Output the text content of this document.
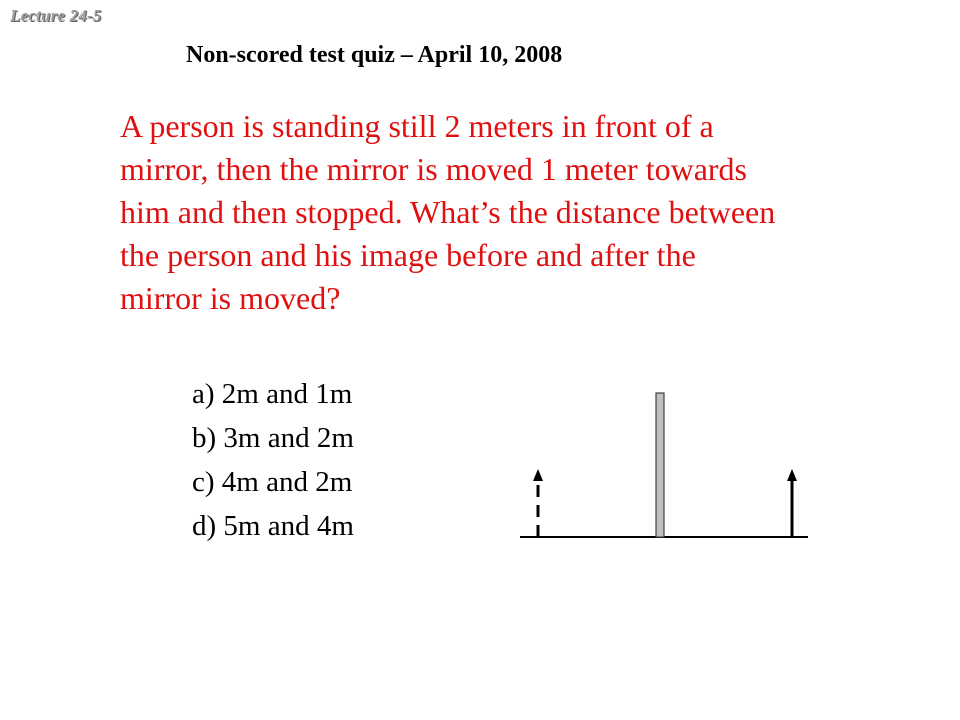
Lecture 24-5
Non-scored test quiz – April 10, 2008

A person is standing still 2 meters in front of a
mirror, then the mirror is moved 1 meter towards
him and then stopped. What’s the distance between
the person and his image before and after the
mirror is moved?

a) 2m and 1m
b) 3m and 2m
c) 4m and 2m
d) 5m and 4m
